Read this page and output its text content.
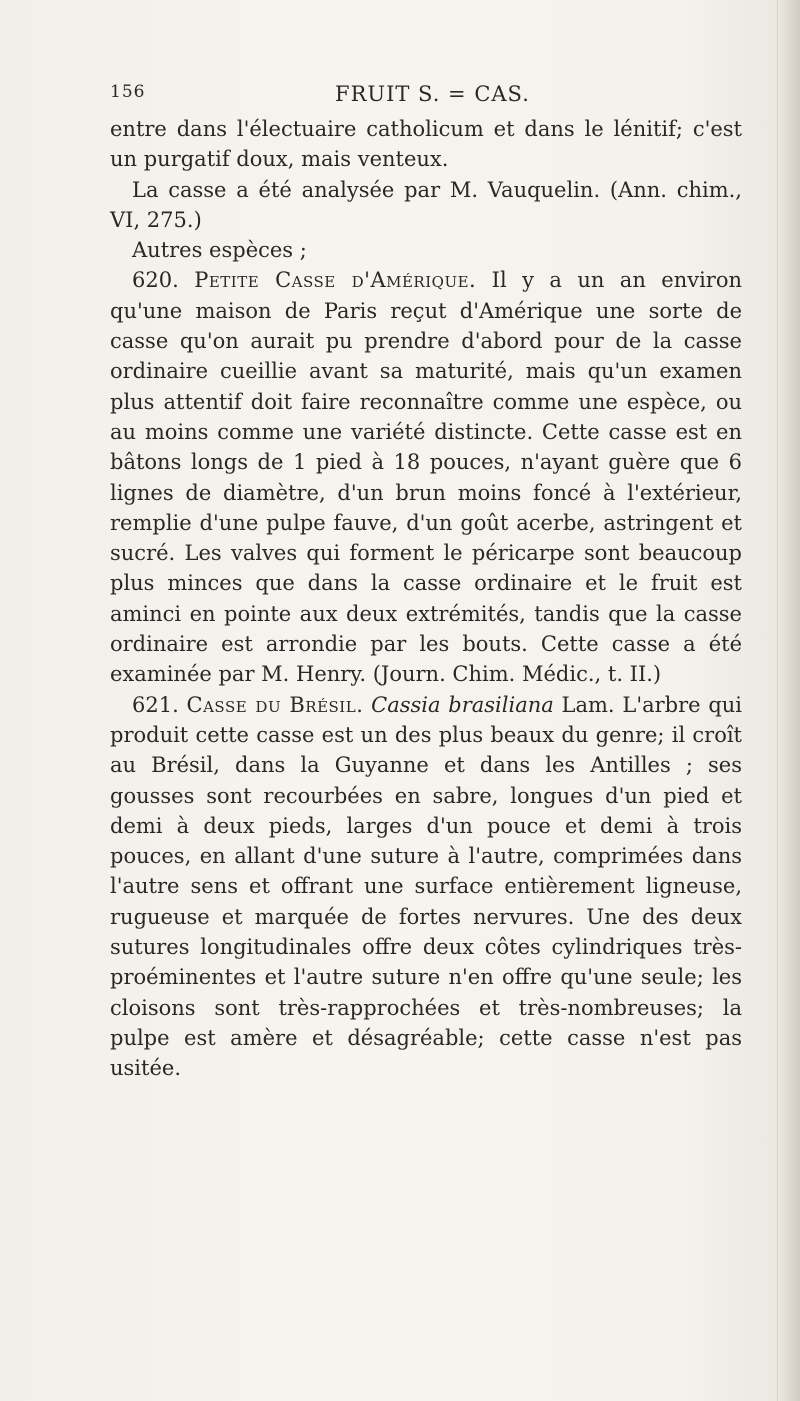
156	FRUIT S. = CAS.

entre dans l'électuaire catholicum et dans le lénitif; c'est un purgatif doux, mais venteux.

La casse a été analysée par M. Vauquelin. (Ann. chim., VI, 275.)

Autres espèces ;

620. Petite Casse d'Amérique. Il y a un an environ qu'une maison de Paris reçut d'Amérique une sorte de casse qu'on aurait pu prendre d'abord pour de la casse ordinaire cueillie avant sa maturité, mais qu'un examen plus attentif doit faire reconnaître comme une espèce, ou au moins comme une variété distincte. Cette casse est en bâtons longs de 1 pied à 18 pouces, n'ayant guère que 6 lignes de diamètre, d'un brun moins foncé à l'extérieur, remplie d'une pulpe fauve, d'un goût acerbe, astringent et sucré. Les valves qui forment le péricarpe sont beaucoup plus minces que dans la casse ordinaire et le fruit est aminci en pointe aux deux extrémités, tandis que la casse ordinaire est arrondie par les bouts. Cette casse a été examinée par M. Henry. (Journ. Chim. Médic., t. II.)

621. Casse du Brésil. Cassia brasiliana Lam. L'arbre qui produit cette casse est un des plus beaux du genre; il croît au Brésil, dans la Guyanne et dans les Antilles ; ses gousses sont recourbées en sabre, longues d'un pied et demi à deux pieds, larges d'un pouce et demi à trois pouces, en allant d'une suture à l'autre, comprimées dans l'autre sens et offrant une surface entièrement ligneuse, rugueuse et marquée de fortes nervures. Une des deux sutures longitudinales offre deux côtes cylindriques très-proéminentes et l'autre suture n'en offre qu'une seule; les cloisons sont très-rapprochées et très-nombreuses; la pulpe est amère et désagréable; cette casse n'est pas usitée.
